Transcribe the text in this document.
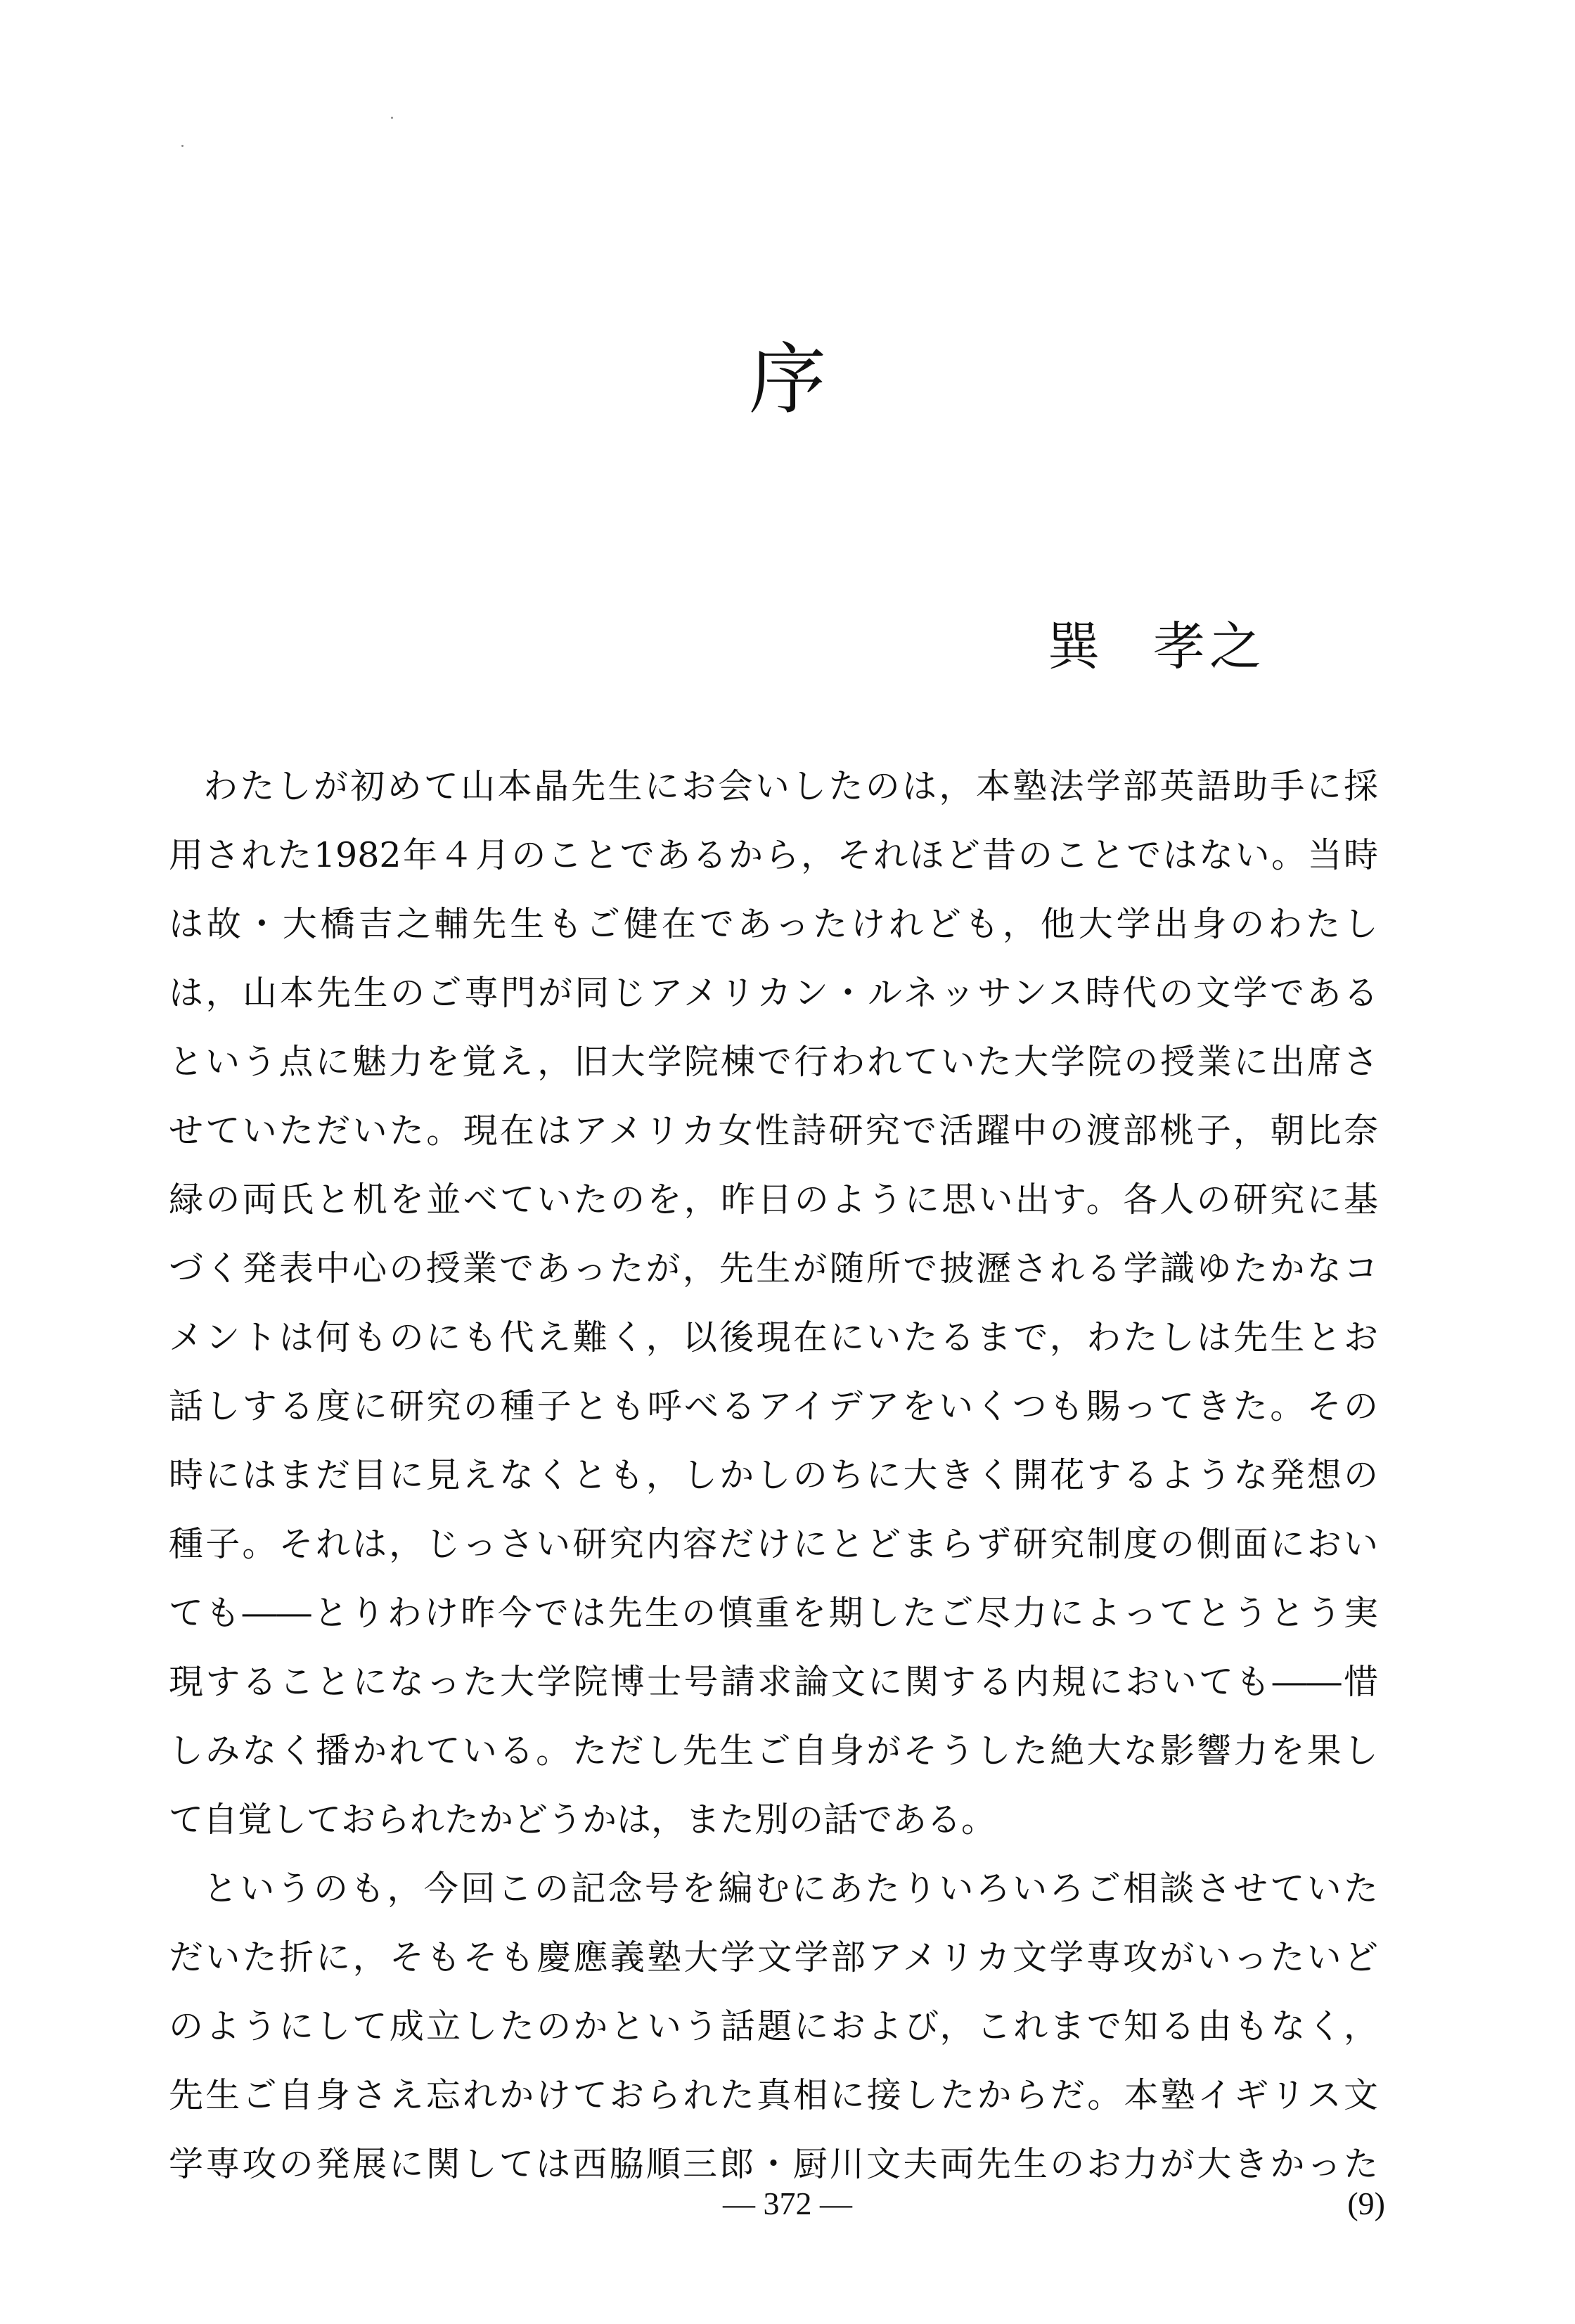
序
巽 孝之
わたしが初めて山本晶先生にお会いしたのは，本塾法学部英語助手に採
用された1982年４月のことであるから，それほど昔のことではない。当時
は故・大橋吉之輔先生もご健在であったけれども，他大学出身のわたし
は，山本先生のご専門が同じアメリカン・ルネッサンス時代の文学である
という点に魅力を覚え，旧大学院棟で行われていた大学院の授業に出席さ
せていただいた。現在はアメリカ女性詩研究で活躍中の渡部桃子，朝比奈
緑の両氏と机を並べていたのを，昨日のように思い出す。各人の研究に基
づく発表中心の授業であったが，先生が随所で披瀝される学識ゆたかなコ
メントは何ものにも代え難く，以後現在にいたるまで，わたしは先生とお
話しする度に研究の種子とも呼べるアイデアをいくつも賜ってきた。その
時にはまだ目に見えなくとも，しかしのちに大きく開花するような発想の
種子。それは，じっさい研究内容だけにとどまらず研究制度の側面におい
ても――とりわけ昨今では先生の慎重を期したご尽力によってとうとう実
現することになった大学院博士号請求論文に関する内規においても――惜
しみなく播かれている。ただし先生ご自身がそうした絶大な影響力を果し
て自覚しておられたかどうかは，また別の話である。
というのも，今回この記念号を編むにあたりいろいろご相談させていた
だいた折に，そもそも慶應義塾大学文学部アメリカ文学専攻がいったいど
のようにして成立したのかという話題におよび，これまで知る由もなく，
先生ご自身さえ忘れかけておられた真相に接したからだ。本塾イギリス文
学専攻の発展に関しては西脇順三郎・厨川文夫両先生のお力が大きかった
— 372 —	(9)
